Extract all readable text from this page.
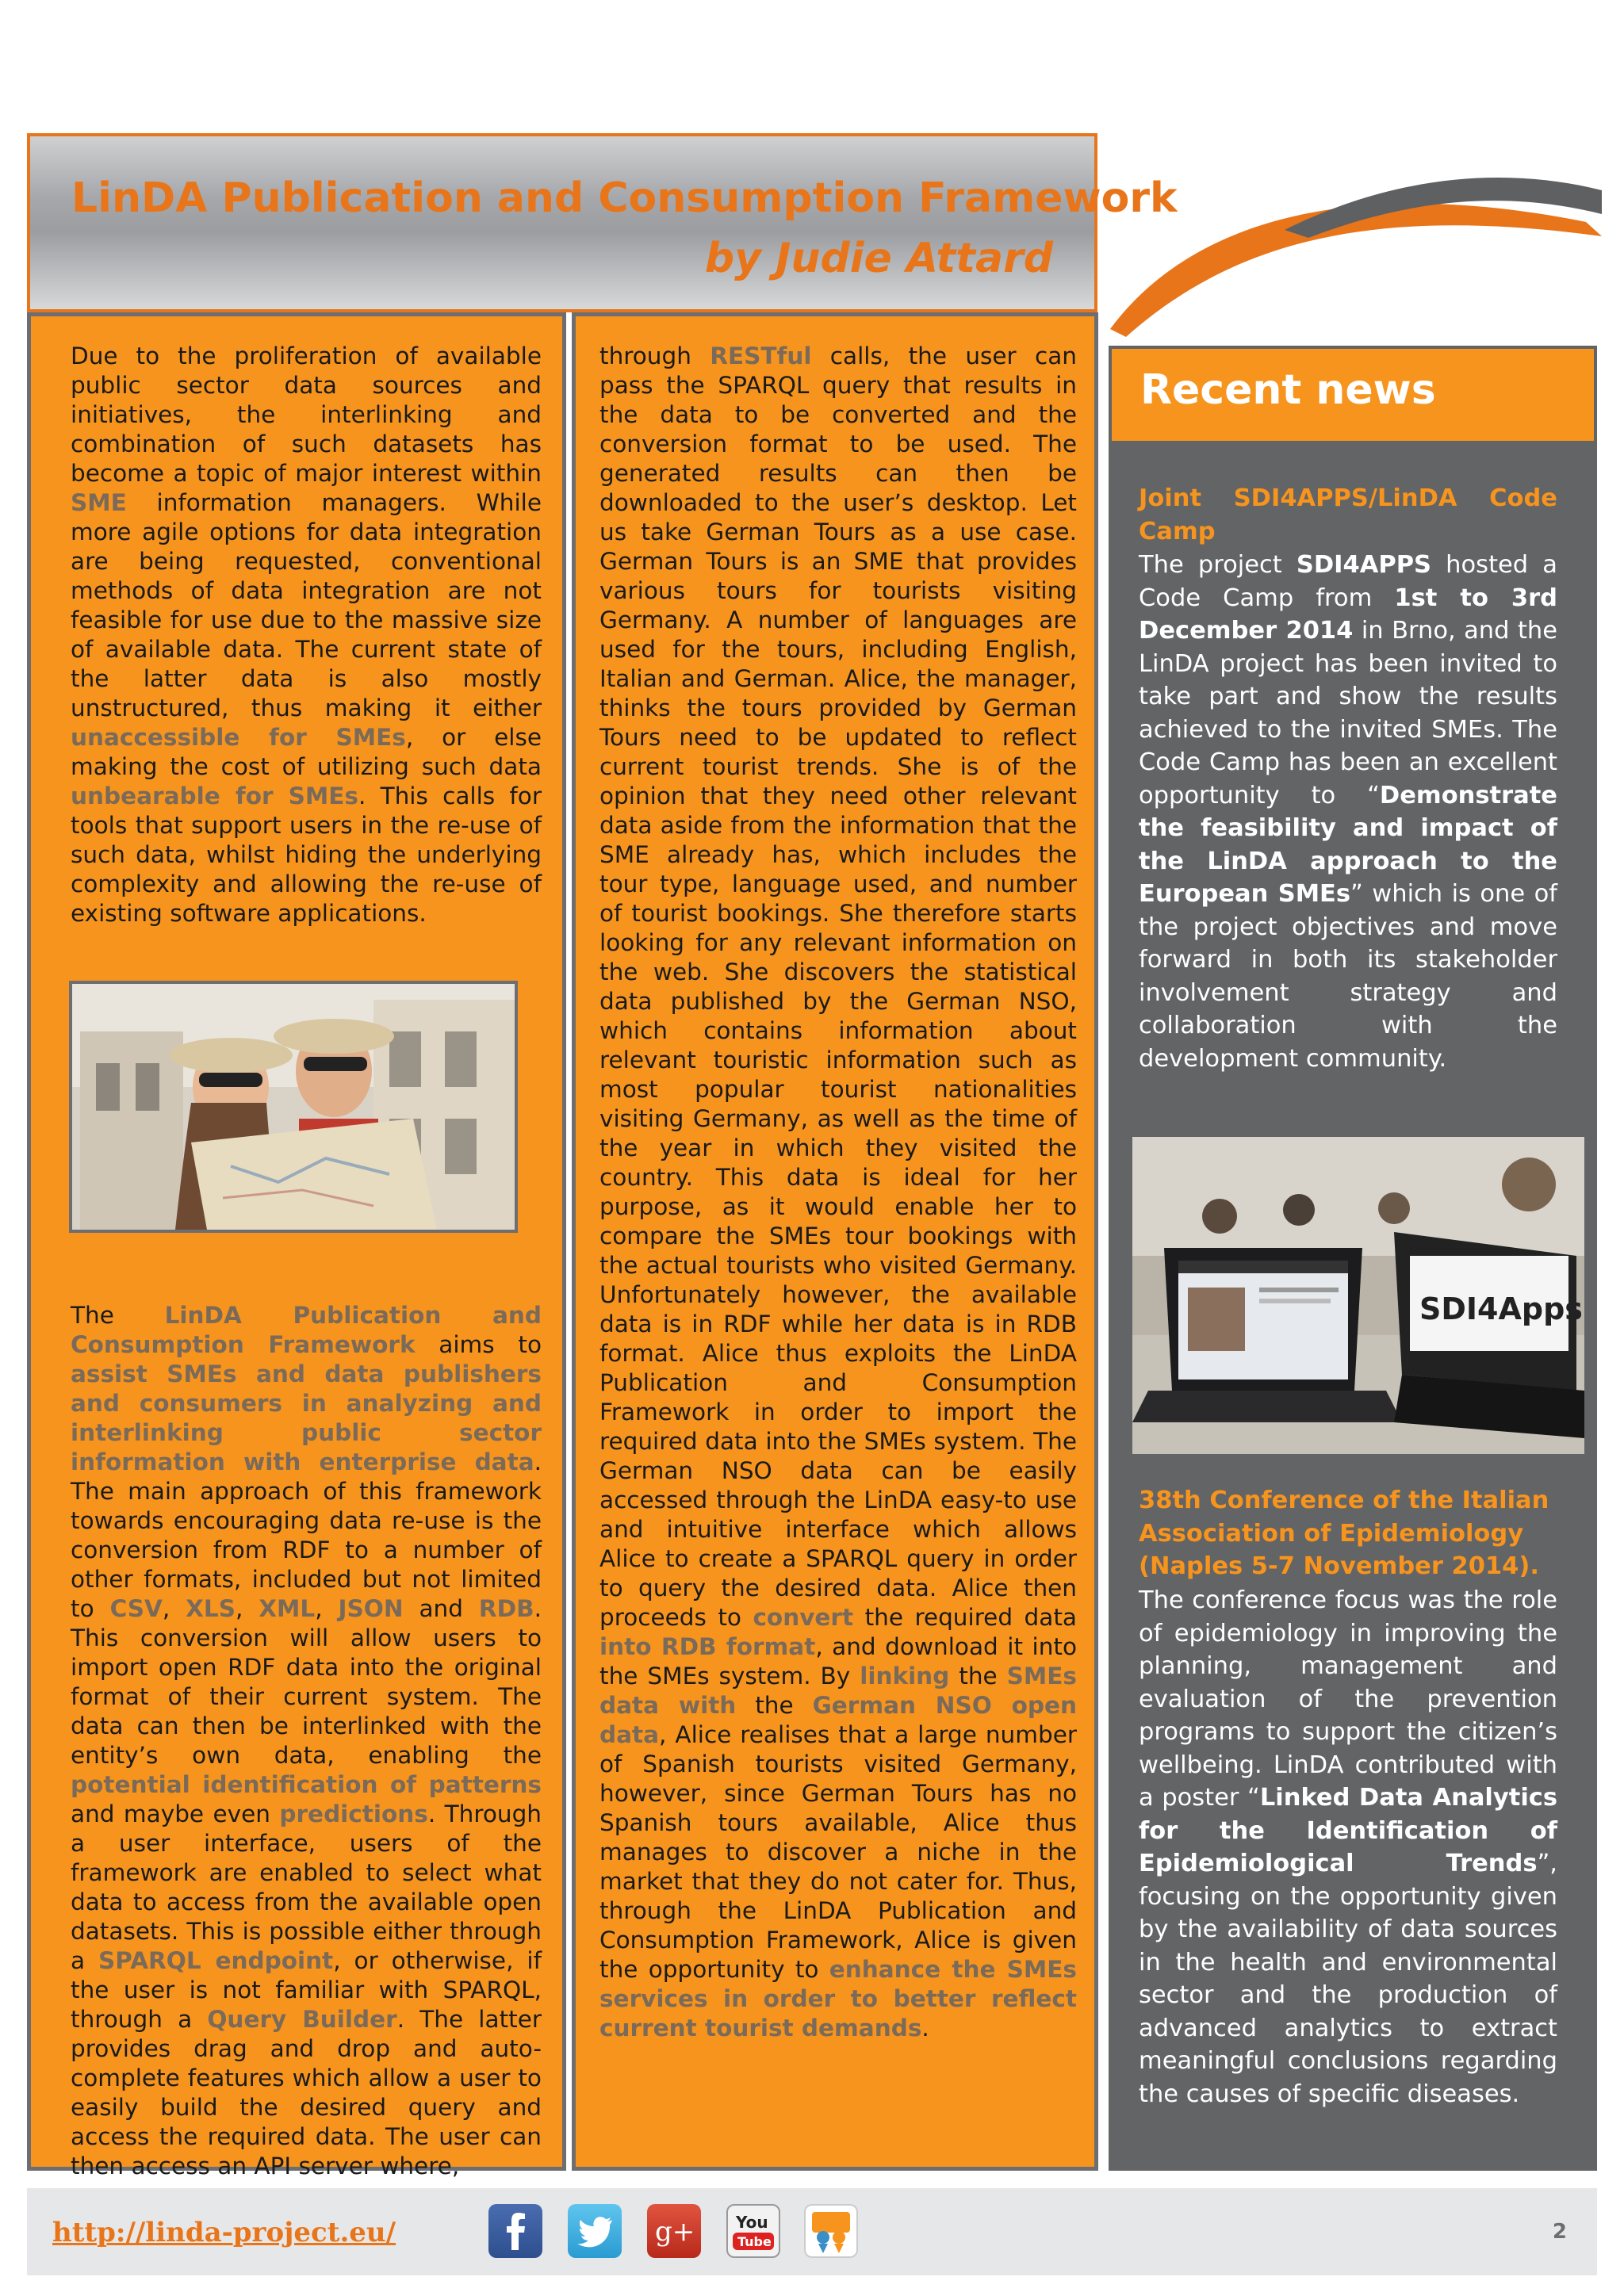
LinDA Publication and Consumption Framework
by Judie Attard
Due to the proliferation of available public sector data sources and initiatives, the interlinking and combination of such datasets has become a topic of major interest within SME information managers. While more agile options for data integration are being requested, conventional methods of data integration are not feasible for use due to the massive size of available data. The current state of the latter data is also mostly unstructured, thus making it either unaccessible for SMEs, or else making the cost of utilizing such data unbearable for SMEs. This calls for tools that support users in the re-use of such data, whilst hiding the underlying complexity and allowing the re-use of existing software applications.
The LinDA Publication and Consumption Framework aims to assist SMEs and data publishers and consumers in analyzing and interlinking public sector information with enterprise data. The main approach of this framework towards encouraging data re-use is the conversion from RDF to a number of other formats, included but not limited to CSV, XLS, XML, JSON and RDB. This conversion will allow users to import open RDF data into the original format of their current system. The data can then be interlinked with the entity’s own data, enabling the potential identification of patterns and maybe even predictions. Through a user interface, users of the framework are enabled to select what data to access from the available open datasets. This is possible either through a SPARQL endpoint, or otherwise, if the user is not familiar with SPARQL, through a Query Builder. The latter provides drag and drop and auto-complete features which allow a user to easily build the desired query and access the required data. The user can then access an API server where,
through RESTful calls, the user can pass the SPARQL query that results in the data to be converted and the conversion format to be used. The generated results can then be downloaded to the user’s desktop. Let us take German Tours as a use case. German Tours is an SME that provides various tours for tourists visiting Germany. A number of languages are used for the tours, including English, Italian and German. Alice, the manager, thinks the tours provided by German Tours need to be updated to reflect current tourist trends. She is of the opinion that they need other relevant data aside from the information that the SME already has, which includes the tour type, language used, and number of tourist bookings. She therefore starts looking for any relevant information on the web. She discovers the statistical data published by the German NSO, which contains information about relevant touristic information such as most popular tourist nationalities visiting Germany, as well as the time of the year in which they visited the country. This data is ideal for her purpose, as it would enable her to compare the SMEs tour bookings with the actual tourists who visited Germany. Unfortunately however, the available data is in RDF while her data is in RDB format. Alice thus exploits the LinDA Publication and Consumption Framework in order to import the required data into the SMEs system. The German NSO data can be easily accessed through the LinDA easy-to use and intuitive interface which allows Alice to create a SPARQL query in order to query the desired data. Alice then proceeds to convert the required data into RDB format, and download it into the SMEs system. By linking the SMEs data with the German NSO open data, Alice realises that a large number of Spanish tourists visited Germany, however, since German Tours has no Spanish tours available, Alice thus manages to discover a niche in the market that they do not cater for. Thus, through the LinDA Publication and Consumption Framework, Alice is given the opportunity to enhance the SMEs services in order to better reflect current tourist demands.
Recent news
Joint SDI4APPS/LinDA Code Camp
The project SDI4APPS hosted a Code Camp from 1st to 3rd December 2014 in Brno, and the LinDA project has been invited to take part and show the results achieved to the invited SMEs. The Code Camp has been an excellent opportunity to “Demonstrate the feasibility and impact of the LinDA approach to the European SMEs” which is one of the project objectives and move forward in both its stakeholder involvement strategy and collaboration with the development community.
SDI4Apps
38th Conference of the Italian Association of Epidemiology (Naples 5-7 November 2014).
The conference focus was the role of epidemiology in improving the planning, management and evaluation of the prevention programs to support the citizen’s wellbeing. LinDA contributed with a poster “Linked Data Analytics for the Identification of Epidemiological Trends”, focusing on the opportunity given by the availability of data sources in the health and environmental sector and the production of advanced analytics to extract meaningful conclusions regarding the causes of specific diseases.
http://linda-project.eu/	g+	You
Tube	2
